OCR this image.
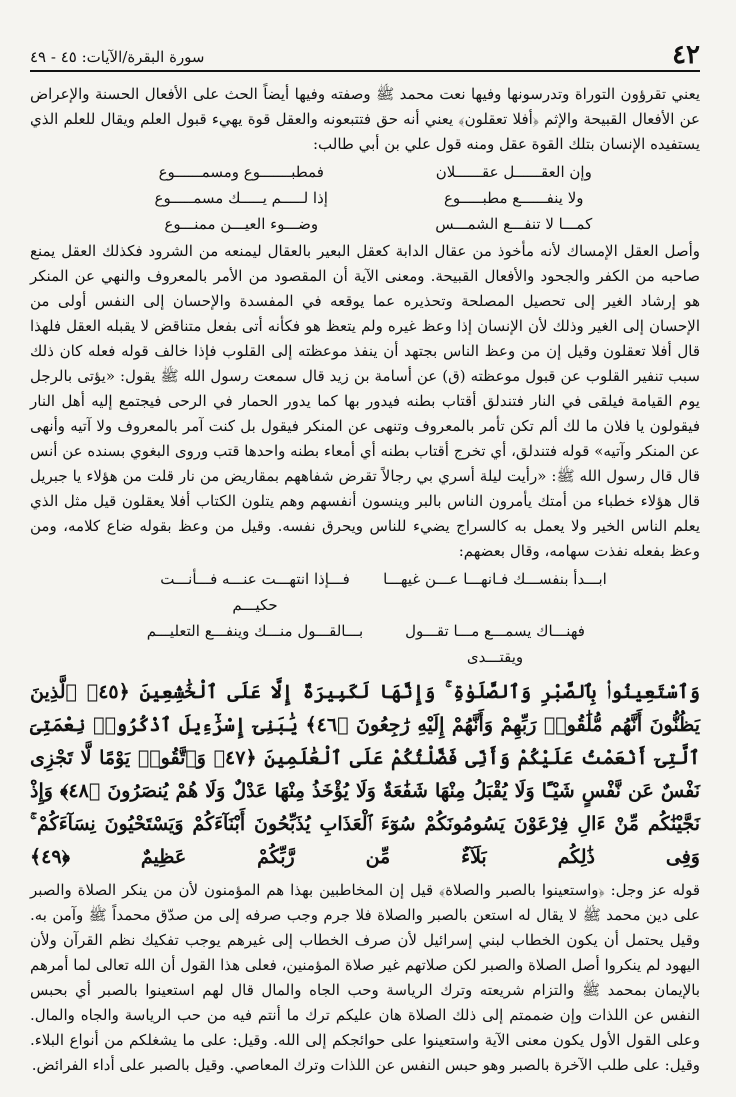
٤٢
سورة البقرة/الآيات: ٤٥ - ٤٩

يعني تقرؤون التوراة وتدرسونها وفيها نعت محمد ﷺ وصفته وفيها أيضاً الحث على الأفعال الحسنة والإعراض عن الأفعال القبيحة والإثم ﴿أفلا تعقلون﴾ يعني أنه حق فتتبعونه والعقل قوة يهيء قبول العلم ويقال للعلم الذي يستفيده الإنسان بتلك القوة عقل ومنه قول علي بن أبي طالب:

وإن العقــــــل عقــــــلان
فمطبـــــــوع ومسمــــــوع
ولا ينفــــــع مطبـــــوع
إذا لـــــم يـــــك مسمـــــوع
كمـــا لا تنفـــع الشمـــس
وضـــوء العيـــن ممنـــوع

وأصل العقل الإمساك لأنه مأخوذ من عقال الدابة كعقل البعير بالعقال ليمنعه من الشرود فكذلك العقل يمنع صاحبه من الكفر والجحود والأفعال القبيحة. ومعنى الآية أن المقصود من الأمر بالمعروف والنهي عن المنكر هو إرشاد الغير إلى تحصيل المصلحة وتحذيره عما يوقعه في المفسدة والإحسان إلى النفس أولى من الإحسان إلى الغير وذلك لأن الإنسان إذا وعظ غيره ولم يتعظ هو فكأنه أتى بفعل متناقض لا يقبله العقل فلهذا قال أفلا تعقلون وقيل إن من وعظ الناس بجتهد أن ينفذ موعظته إلى القلوب فإذا خالف قوله فعله كان ذلك سبب تنفير القلوب عن قبول موعظته (ق) عن أسامة بن زيد قال سمعت رسول الله ﷺ يقول: «يؤتى بالرجل يوم القيامة فيلقى في النار فتندلق أقتاب بطنه فيدور بها كما يدور الحمار في الرحى فيجتمع إليه أهل النار فيقولون يا فلان ما لك ألم تكن تأمر بالمعروف وتنهى عن المنكر فيقول بل كنت آمر بالمعروف ولا آتيه وأنهى عن المنكر وآتيه» قوله فتندلق، أي تخرج أقتاب بطنه أي أمعاء بطنه واحدها قتب وروى البغوي بسنده عن أنس قال قال رسول الله ﷺ: «رأيت ليلة أسري بي رجالاً تقرض شفاههم بمقاريض من نار قلت من هؤلاء يا جبريل قال هؤلاء خطباء من أمتك يأمرون الناس بالبر وينسون أنفسهم وهم يتلون الكتاب أفلا يعقلون قيل مثل الذي يعلم الناس الخير ولا يعمل به كالسراج يضيء للناس ويحرق نفسه. وقيل من وعظ بقوله ضاع كلامه، ومن وعظ بفعله نفذت سهامه، وقال بعضهم:

ابـــدأ بنفســـك فـانهـــا عـــن غيهـــا
فـــإذا انتهـــت عنـــه فـــأنـــت حكيـــم
فهنـــاك يسمـــع مـــا تقـــول ويقتـــدى
بـــالقـــول منـــك وينفـــع التعليـــم
وَٱسْتَعِينُوا۟ بِٱلصَّبْرِ وَٱلصَّلَوٰةِ ۚ وَإِنَّهَا لَكَبِيرَةٌ إِلَّا عَلَى ٱلْخَٰشِعِينَ ﴿٤٥﴾ ٱلَّذِينَ يَظُنُّونَ أَنَّهُم مُّلَٰقُوا۟ رَبِّهِمْ وَأَنَّهُمْ إِلَيْهِ رَٰجِعُونَ ﴿٤٦﴾ يَٰبَنِىٓ إِسْرَٰٓءِيلَ ٱذْكُرُوا۟ نِعْمَتِىَ ٱلَّتِىٓ أَنْعَمْتُ عَلَيْكُمْ وَأَنِّى فَضَّلْتُكُمْ عَلَى ٱلْعَٰلَمِينَ ﴿٤٧﴾ وَٱتَّقُوا۟ يَوْمًا لَّا تَجْزِى نَفْسٌ عَن نَّفْسٍ شَيْـًٔا وَلَا يُقْبَلُ مِنْهَا شَفَٰعَةٌ وَلَا يُؤْخَذُ مِنْهَا عَدْلٌ وَلَا هُمْ يُنصَرُونَ ﴿٤٨﴾ وَإِذْ نَجَّيْنَٰكُم مِّنْ ءَالِ فِرْعَوْنَ يَسُومُونَكُمْ سُوٓءَ ٱلْعَذَابِ يُذَبِّحُونَ أَبْنَآءَكُمْ وَيَسْتَحْيُونَ نِسَآءَكُمْ ۚ وَفِى ذَٰلِكُم بَلَآءٌ مِّن رَّبِّكُمْ عَظِيمٌ ﴿٤٩﴾

قوله عز وجل: ﴿واستعينوا بالصبر والصلاة﴾ قيل إن المخاطبين بهذا هم المؤمنون لأن من ينكر الصلاة والصبر على دين محمد ﷺ لا يقال له استعن بالصبر والصلاة فلا جرم وجب صرفه إلى من صدّق محمداً ﷺ وآمن به. وقيل يحتمل أن يكون الخطاب لبني إسرائيل لأن صرف الخطاب إلى غيرهم يوجب تفكيك نظم القرآن ولأن اليهود لم ينكروا أصل الصلاة والصبر لكن صلاتهم غير صلاة المؤمنين، فعلى هذا القول أن الله تعالى لما أمرهم بالإيمان بمحمد ﷺ والتزام شريعته وترك الرياسة وحب الجاه والمال قال لهم استعينوا بالصبر أي بحبس النفس عن اللذات وإن ضممتم إلى ذلك الصلاة هان عليكم ترك ما أنتم فيه من حب الرياسة والجاه والمال. وعلى القول الأول يكون معنى الآية واستعينوا على حوائجكم إلى الله. وقيل: على ما يشغلكم من أنواع البلاء. وقيل: على طلب الآخرة بالصبر وهو حبس النفس عن اللذات وترك المعاصي. وقيل بالصبر على أداء الفرائض.
